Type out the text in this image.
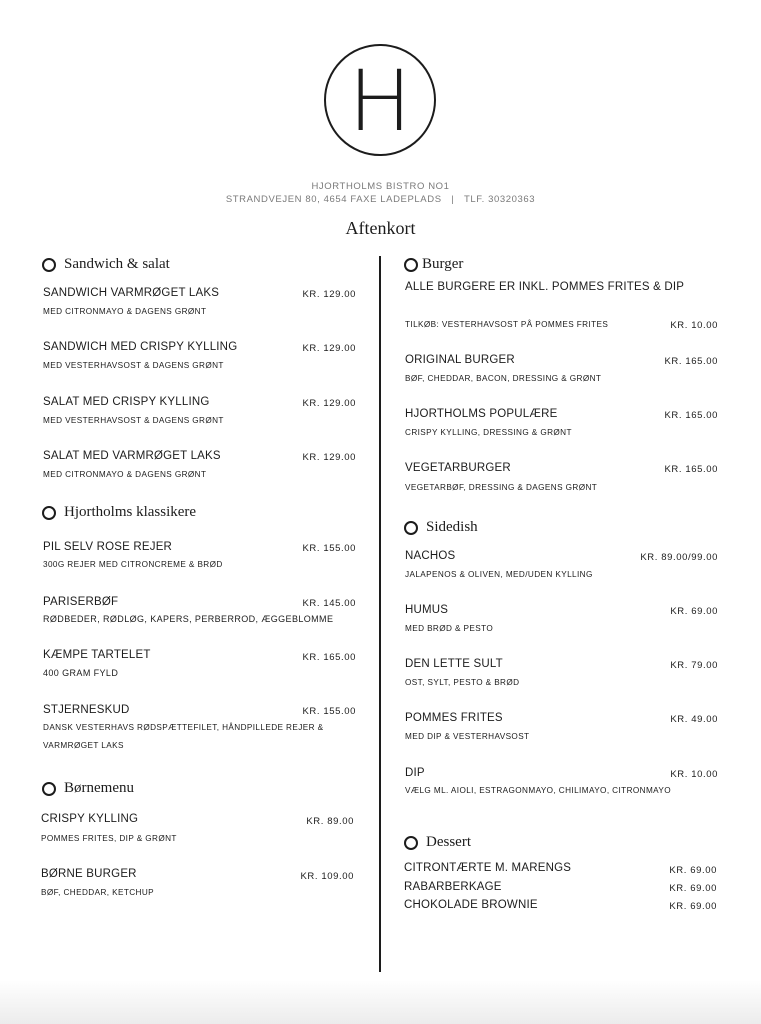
H
HJORTHOLMS BISTRO NO1
STRANDVEJEN 80, 4654 FAXE LADEPLADS   |   TLF. 30320363
Aftenkort
Sandwich & salat
SANDWICH VARMRØGET LAKS	KR. 129.00
MED CITRONMAYO & DAGENS GRØNT
SANDWICH MED CRISPY KYLLING	KR. 129.00
MED VESTERHAVSOST & DAGENS GRØNT
SALAT MED CRISPY KYLLING	KR. 129.00
MED VESTERHAVSOST & DAGENS GRØNT
SALAT MED VARMRØGET LAKS	KR. 129.00
MED CITRONMAYO & DAGENS GRØNT
Hjortholms klassikere
PIL SELV ROSE REJER	KR. 155.00
300G REJER MED CITRONCREME & BRØD
PARISERBØF	KR. 145.00
RØDBEDER, RØDLØG, KAPERS, PERBERROD, ÆGGEBLOMME
KÆMPE TARTELET	KR. 165.00
400 GRAM FYLD
STJERNESKUD	KR. 155.00
DANSK VESTERHAVS RØDSPÆTTEFILET, HÅNDPILLEDE REJER &
VARMRØGET LAKS
Børnemenu
CRISPY KYLLING	KR. 89.00
POMMES FRITES, DIP & GRØNT
BØRNE BURGER	KR. 109.00
BØF, CHEDDAR, KETCHUP
Burger
ALLE BURGERE ER INKL. POMMES FRITES & DIP
TILKØB: VESTERHAVSOST PÅ POMMES FRITES	KR. 10.00
ORIGINAL BURGER	KR. 165.00
BØF, CHEDDAR, BACON, DRESSING & GRØNT
HJORTHOLMS POPULÆRE	KR. 165.00
CRISPY KYLLING, DRESSING & GRØNT
VEGETARBURGER	KR. 165.00
VEGETARBØF, DRESSING & DAGENS GRØNT
Sidedish
NACHOS	KR. 89.00/99.00
JALAPENOS & OLIVEN, MED/UDEN KYLLING
HUMUS	KR. 69.00
MED BRØD & PESTO
DEN LETTE SULT	KR. 79.00
OST, SYLT, PESTO & BRØD
POMMES FRITES	KR. 49.00
MED DIP & VESTERHAVSOST
DIP	KR. 10.00
VÆLG ML. AIOLI, ESTRAGONMAYO, CHILIMAYO, CITRONMAYO
Dessert
CITRONTÆRTE M. MARENGS	KR. 69.00
RABARBERKAGE	KR. 69.00
CHOKOLADE BROWNIE	KR. 69.00
